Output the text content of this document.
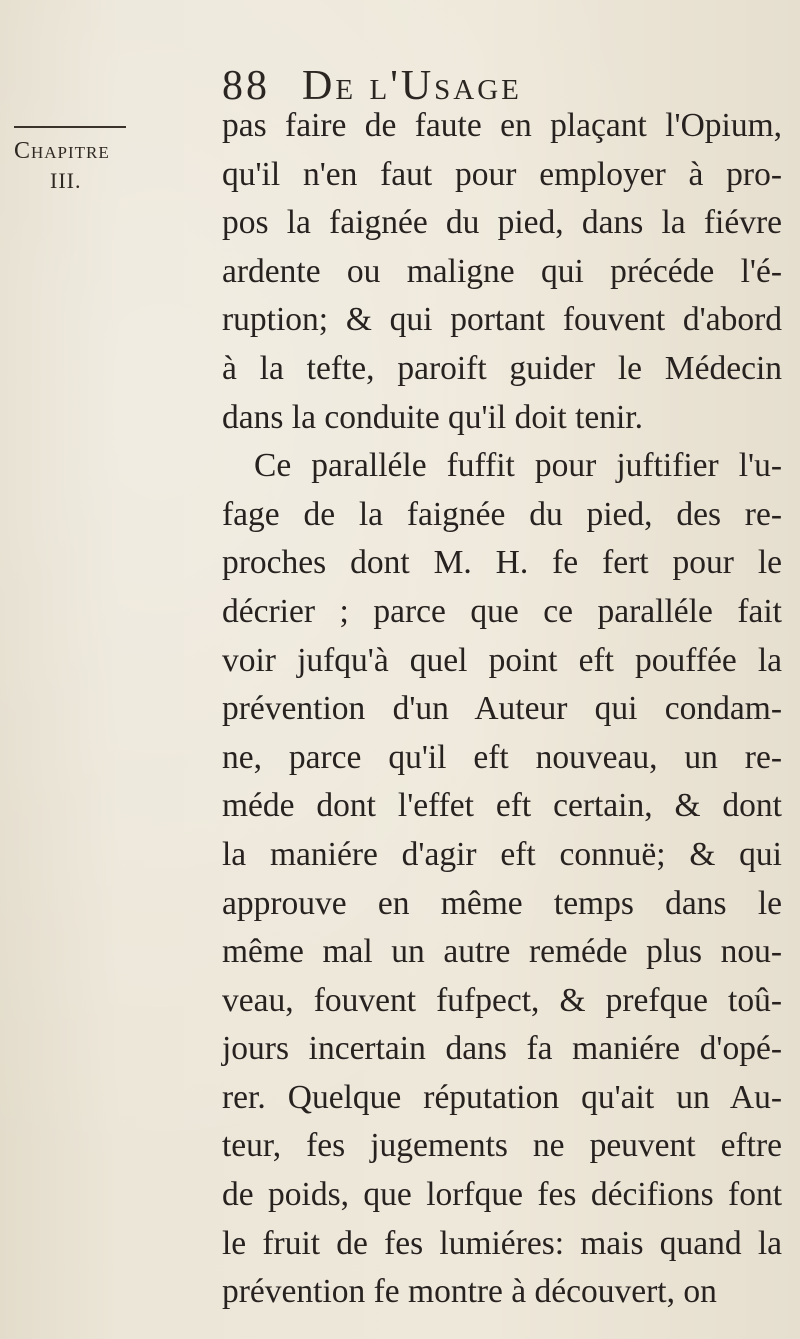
88 De l'Usage
Chapitre
III.
pas faire de faute en plaçant l'Opium,
qu'il n'en faut pour employer à pro-
pos la faignée du pied, dans la fiévre
ardente ou maligne qui précéde l'é-
ruption; & qui portant fouvent d'abord
à la tefte, paroift guider le Médecin
dans la conduite qu'il doit tenir.
Ce paralléle fuffit pour juftifier l'u-
fage de la faignée du pied, des re-
proches dont M. H. fe fert pour le
décrier ; parce que ce paralléle fait
voir jufqu'à quel point eft pouffée la
prévention d'un Auteur qui condam-
ne, parce qu'il eft nouveau, un re-
méde dont l'effet eft certain, & dont
la maniére d'agir eft connuë; & qui
approuve en même temps dans le
même mal un autre reméde plus nou-
veau, fouvent fufpect, & prefque toû-
jours incertain dans fa maniére d'opé-
rer. Quelque réputation qu'ait un Au-
teur, fes jugements ne peuvent eftre
de poids, que lorfque fes décifions font
le fruit de fes lumiéres: mais quand la
prévention fe montre à découvert, on
